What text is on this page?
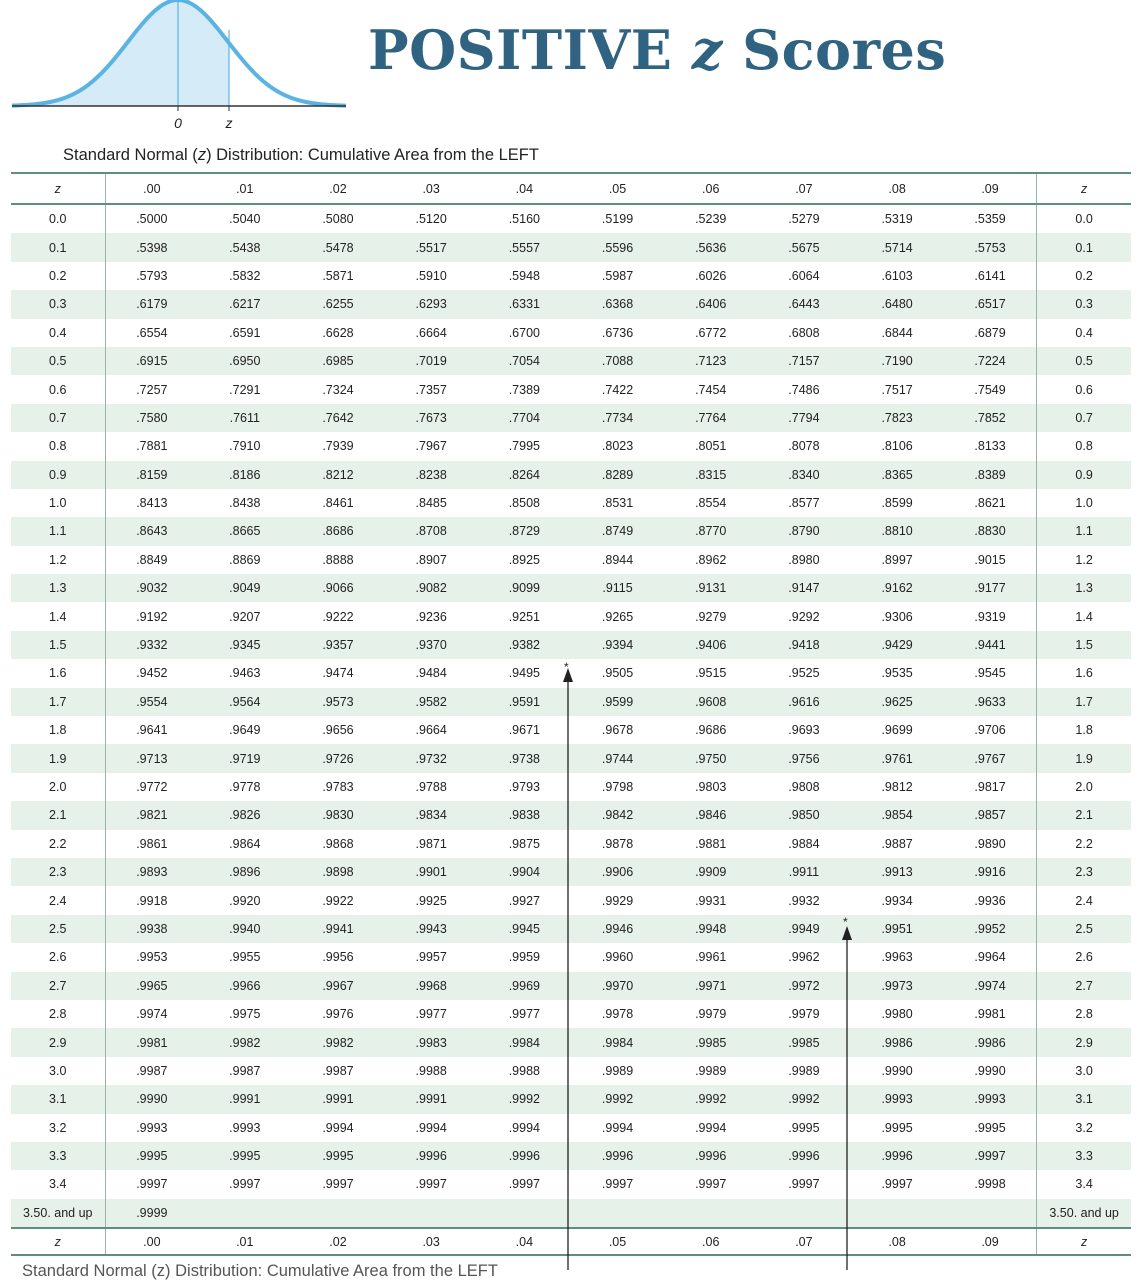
0	z
POSITIVE z Scores

Standard Normal (z) Distribution: Cumulative Area from the LEFT

z	.00	.01	.02	.03	.04	.05	.06	.07	.08	.09	z
0.0	.5000	.5040	.5080	.5120	.5160	.5199	.5239	.5279	.5319	.5359	0.0
0.1	.5398	.5438	.5478	.5517	.5557	.5596	.5636	.5675	.5714	.5753	0.1
0.2	.5793	.5832	.5871	.5910	.5948	.5987	.6026	.6064	.6103	.6141	0.2
0.3	.6179	.6217	.6255	.6293	.6331	.6368	.6406	.6443	.6480	.6517	0.3
0.4	.6554	.6591	.6628	.6664	.6700	.6736	.6772	.6808	.6844	.6879	0.4
0.5	.6915	.6950	.6985	.7019	.7054	.7088	.7123	.7157	.7190	.7224	0.5
0.6	.7257	.7291	.7324	.7357	.7389	.7422	.7454	.7486	.7517	.7549	0.6
0.7	.7580	.7611	.7642	.7673	.7704	.7734	.7764	.7794	.7823	.7852	0.7
0.8	.7881	.7910	.7939	.7967	.7995	.8023	.8051	.8078	.8106	.8133	0.8
0.9	.8159	.8186	.8212	.8238	.8264	.8289	.8315	.8340	.8365	.8389	0.9
1.0	.8413	.8438	.8461	.8485	.8508	.8531	.8554	.8577	.8599	.8621	1.0
1.1	.8643	.8665	.8686	.8708	.8729	.8749	.8770	.8790	.8810	.8830	1.1
1.2	.8849	.8869	.8888	.8907	.8925	.8944	.8962	.8980	.8997	.9015	1.2
1.3	.9032	.9049	.9066	.9082	.9099	.9115	.9131	.9147	.9162	.9177	1.3
1.4	.9192	.9207	.9222	.9236	.9251	.9265	.9279	.9292	.9306	.9319	1.4
1.5	.9332	.9345	.9357	.9370	.9382	.9394	.9406	.9418	.9429	.9441	1.5
1.6	.9452	.9463	.9474	.9484	.9495	.9505	.9515	.9525	.9535	.9545	1.6
1.7	.9554	.9564	.9573	.9582	.9591	.9599	.9608	.9616	.9625	.9633	1.7
1.8	.9641	.9649	.9656	.9664	.9671	.9678	.9686	.9693	.9699	.9706	1.8
1.9	.9713	.9719	.9726	.9732	.9738	.9744	.9750	.9756	.9761	.9767	1.9
2.0	.9772	.9778	.9783	.9788	.9793	.9798	.9803	.9808	.9812	.9817	2.0
2.1	.9821	.9826	.9830	.9834	.9838	.9842	.9846	.9850	.9854	.9857	2.1
2.2	.9861	.9864	.9868	.9871	.9875	.9878	.9881	.9884	.9887	.9890	2.2
2.3	.9893	.9896	.9898	.9901	.9904	.9906	.9909	.9911	.9913	.9916	2.3
2.4	.9918	.9920	.9922	.9925	.9927	.9929	.9931	.9932	.9934	.9936	2.4
2.5	.9938	.9940	.9941	.9943	.9945	.9946	.9948	.9949	.9951	.9952	2.5
2.6	.9953	.9955	.9956	.9957	.9959	.9960	.9961	.9962	.9963	.9964	2.6
2.7	.9965	.9966	.9967	.9968	.9969	.9970	.9971	.9972	.9973	.9974	2.7
2.8	.9974	.9975	.9976	.9977	.9977	.9978	.9979	.9979	.9980	.9981	2.8
2.9	.9981	.9982	.9982	.9983	.9984	.9984	.9985	.9985	.9986	.9986	2.9
3.0	.9987	.9987	.9987	.9988	.9988	.9989	.9989	.9989	.9990	.9990	3.0
3.1	.9990	.9991	.9991	.9991	.9992	.9992	.9992	.9992	.9993	.9993	3.1
3.2	.9993	.9993	.9994	.9994	.9994	.9994	.9994	.9995	.9995	.9995	3.2
3.3	.9995	.9995	.9995	.9996	.9996	.9996	.9996	.9996	.9996	.9997	3.3
3.4	.9997	.9997	.9997	.9997	.9997	.9997	.9997	.9997	.9997	.9998	3.4
3.50. and up	.9999										3.50. and up
z	.00	.01	.02	.03	.04	.05	.06	.07	.08	.09	z
*
*

Standard Normal (z) Distribution: Cumulative Area from the LEFT
